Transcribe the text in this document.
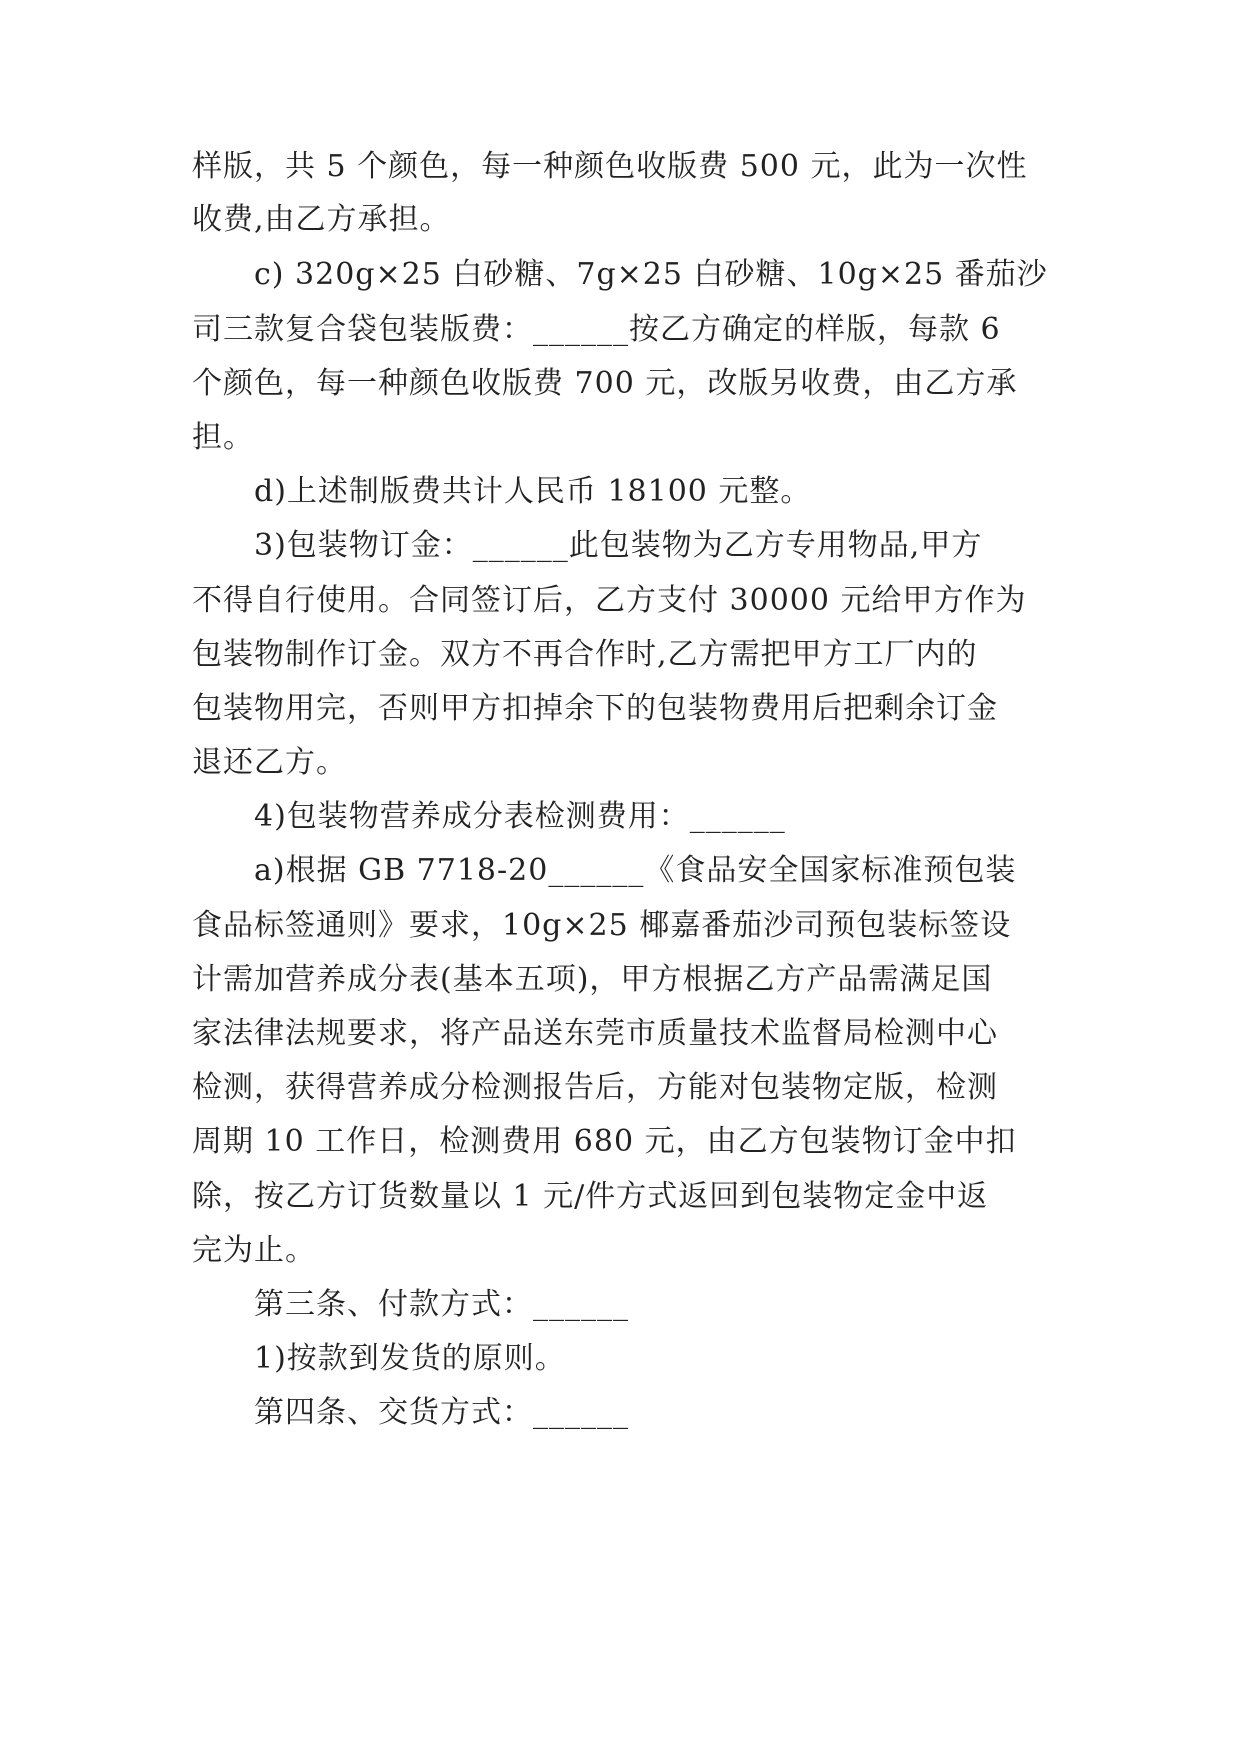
样版，共 5 个颜色，每一种颜色收版费 500 元，此为一次性
收费,由乙方承担。
c) 320g×25 白砂糖、7g×25 白砂糖、10g×25 番茄沙
司三款复合袋包装版费：______按乙方确定的样版，每款 6
个颜色，每一种颜色收版费 700 元，改版另收费，由乙方承
担。
d)上述制版费共计人民币 18100 元整。
3)包装物订金：______此包装物为乙方专用物品,甲方
不得自行使用。合同签订后，乙方支付 30000 元给甲方作为
包装物制作订金。双方不再合作时,乙方需把甲方工厂内的
包装物用完，否则甲方扣掉余下的包装物费用后把剩余订金
退还乙方。
4)包装物营养成分表检测费用：______
a)根据 GB 7718-20______《食品安全国家标准预包装
食品标签通则》要求，10g×25 椰嘉番茄沙司预包装标签设
计需加营养成分表(基本五项)，甲方根据乙方产品需满足国
家法律法规要求，将产品送东莞市质量技术监督局检测中心
检测，获得营养成分检测报告后，方能对包装物定版，检测
周期 10 工作日，检测费用 680 元，由乙方包装物订金中扣
除，按乙方订货数量以 1 元/件方式返回到包装物定金中返
完为止。
第三条、付款方式：______
1)按款到发货的原则。
第四条、交货方式：______
